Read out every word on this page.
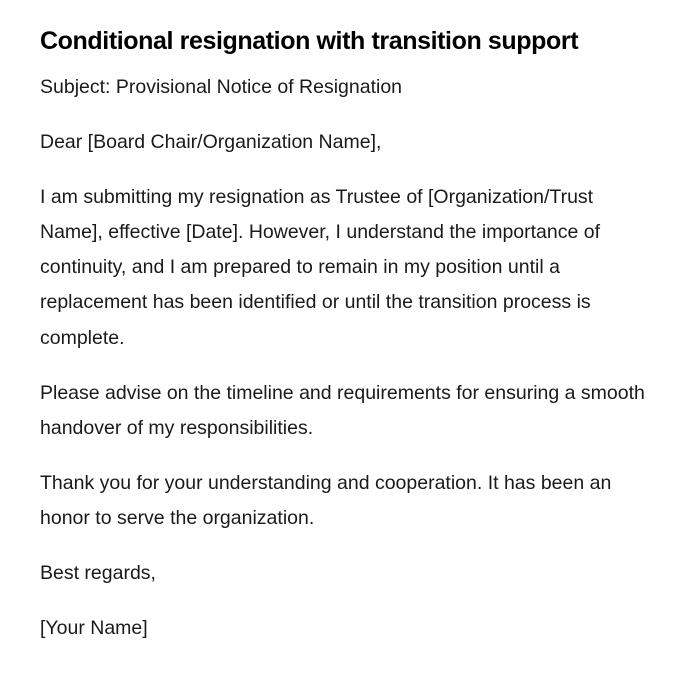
Conditional resignation with transition support

Subject: Provisional Notice of Resignation

Dear [Board Chair/Organization Name],

I am submitting my resignation as Trustee of [Organization/Trust Name], effective [Date]. However, I understand the importance of continuity, and I am prepared to remain in my position until a replacement has been identified or until the transition process is complete.

Please advise on the timeline and requirements for ensuring a smooth handover of my responsibilities.

Thank you for your understanding and cooperation. It has been an honor to serve the organization.

Best regards,

[Your Name]
